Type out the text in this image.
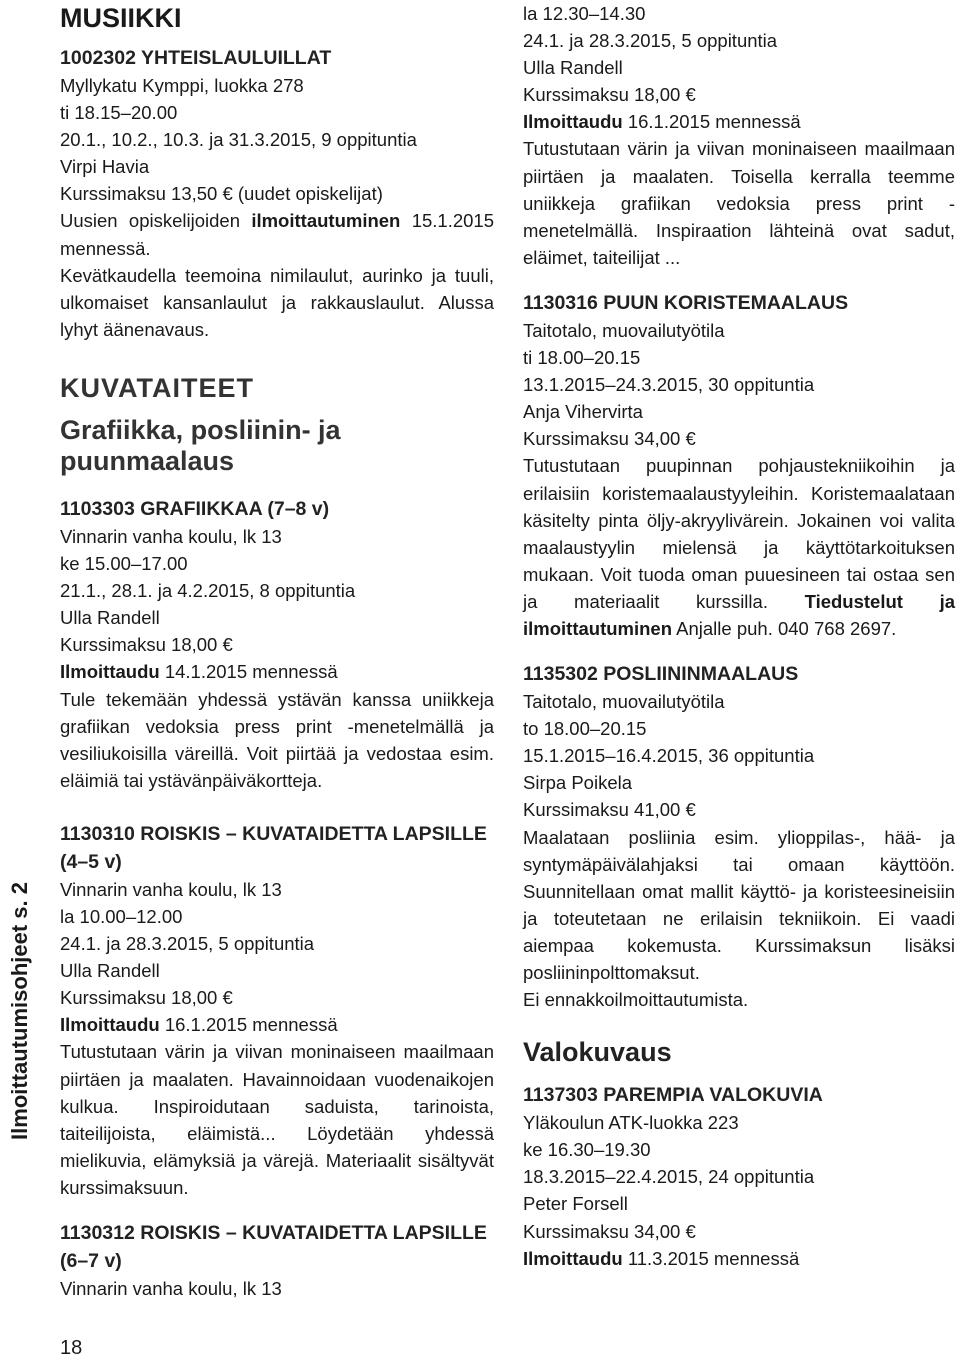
Ilmoittautumisohjeet s. 2
18

MUSIIKKI

1002302 YHTEISLAULUILLAT

Myllykatu Kymppi, luokka 278

ti 18.15–20.00

20.1., 10.2., 10.3. ja 31.3.2015, 9 oppituntia

Virpi Havia

Kurssimaksu 13,50 € (uudet opiskelijat)

Uusien opiskelijoiden ilmoittautuminen 15.1.2015 mennessä.

Kevätkaudella teemoina nimilaulut, aurinko ja tuuli, ulkomaiset kansanlaulut ja rakkauslaulut. Alussa lyhyt äänenavaus.

KUVATAITEET

Grafiikka, posliinin- ja puunmaalaus

1103303 GRAFIIKKAA (7–8 v)

Vinnarin vanha koulu, lk 13

ke 15.00–17.00

21.1., 28.1. ja 4.2.2015, 8 oppituntia

Ulla Randell

Kurssimaksu 18,00 €

Ilmoittaudu 14.1.2015 mennessä

Tule tekemään yhdessä ystävän kanssa uniikkeja grafiikan vedoksia press print -menetelmällä ja vesiliukoisilla väreillä. Voit piirtää ja vedostaa esim. eläimiä tai ystävänpäiväkortteja.

1130310 ROISKIS – KUVATAIDETTA LAPSILLE (4–5 v)

Vinnarin vanha koulu, lk 13

la 10.00–12.00

24.1. ja 28.3.2015, 5 oppituntia

Ulla Randell

Kurssimaksu 18,00 €

Ilmoittaudu 16.1.2015 mennessä

Tutustutaan värin ja viivan moninaiseen maailmaan piirtäen ja maalaten. Havainnoidaan vuodenaikojen kulkua. Inspiroidutaan saduista, tarinoista, taiteilijoista, eläimistä... Löydetään yhdessä mielikuvia, elämyksiä ja värejä. Materiaalit sisältyvät kurssimaksuun.

1130312 ROISKIS – KUVATAIDETTA LAPSILLE (6–7 v)

Vinnarin vanha koulu, lk 13

la 12.30–14.30

24.1. ja 28.3.2015, 5 oppituntia

Ulla Randell

Kurssimaksu 18,00 €

Ilmoittaudu 16.1.2015 mennessä

Tutustutaan värin ja viivan moninaiseen maailmaan piirtäen ja maalaten. Toisella kerralla teemme uniikkeja grafiikan vedoksia press print -menetelmällä. Inspiraation lähteinä ovat sadut, eläimet, taiteilijat ...

1130316 PUUN KORISTEMAALAUS

Taitotalo, muovailutyötila

ti 18.00–20.15

13.1.2015–24.3.2015, 30 oppituntia

Anja Vihervirta

Kurssimaksu 34,00 €

Tutustutaan puupinnan pohjaustekniikoihin ja erilaisiin koristemaalaustyyleihin. Koristemaalataan käsitelty pinta öljy-akryylivärein. Jokainen voi valita maalaustyylin mielensä ja käyttötarkoituksen mukaan. Voit tuoda oman puuesineen tai ostaa sen ja materiaalit kurssilla. Tiedustelut ja ilmoittautuminen Anjalle puh. 040 768 2697.

1135302 POSLIININMAALAUS

Taitotalo, muovailutyötila

to 18.00–20.15

15.1.2015–16.4.2015, 36 oppituntia

Sirpa Poikela

Kurssimaksu 41,00 €

Maalataan posliinia esim. ylioppilas-, hää- ja syntymäpäivälahjaksi tai omaan käyttöön. Suunnitellaan omat mallit käyttö- ja koristeesineisiin ja toteutetaan ne erilaisin tekniikoin. Ei vaadi aiempaa kokemusta. Kurssimaksun lisäksi posliininpolttomaksut.

Ei ennakkoilmoittautumista.

Valokuvaus

1137303 PAREMPIA VALOKUVIA

Yläkoulun ATK-luokka 223

ke 16.30–19.30

18.3.2015–22.4.2015, 24 oppituntia

Peter Forsell

Kurssimaksu 34,00 €

Ilmoittaudu 11.3.2015 mennessä
